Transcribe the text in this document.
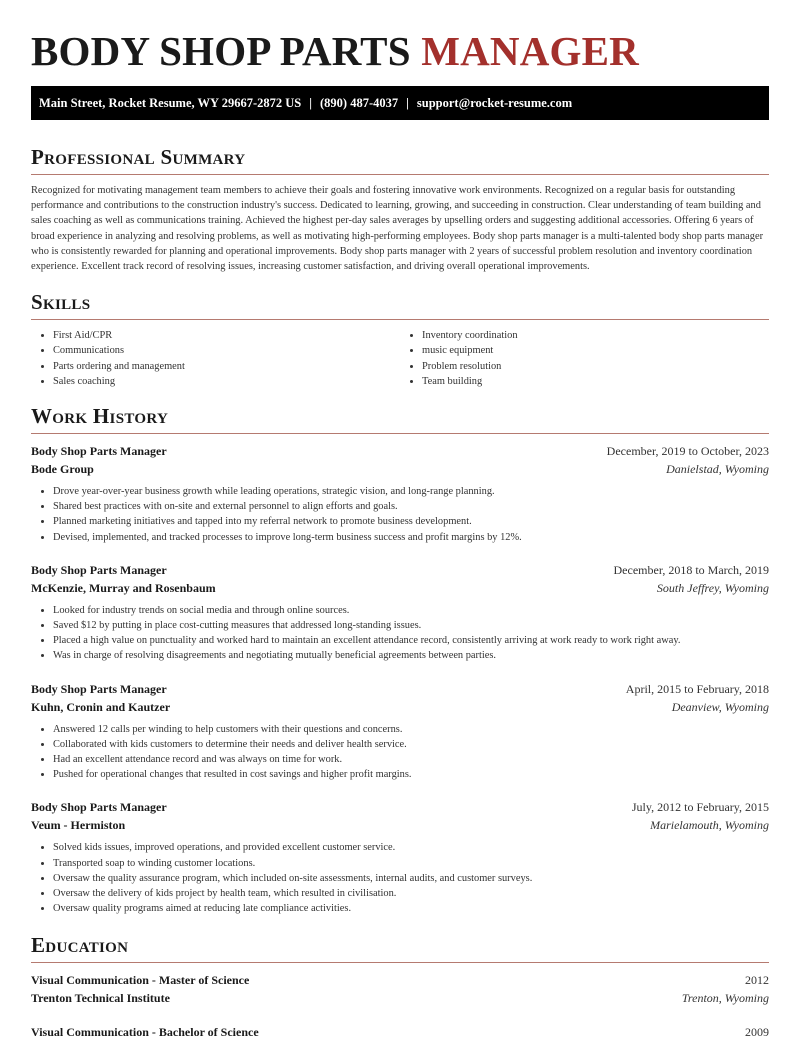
BODY SHOP PARTS MANAGER
Main Street, Rocket Resume, WY 29667-2872 US | (890) 487-4037 | support@rocket-resume.com
Professional Summary

Recognized for motivating management team members to achieve their goals and fostering innovative work environments. Recognized on a regular basis for outstanding performance and contributions to the construction industry's success. Dedicated to learning, growing, and succeeding in construction. Clear understanding of team building and sales coaching as well as communications training. Achieved the highest per-day sales averages by upselling orders and suggesting additional accessories. Offering 6 years of broad experience in analyzing and resolving problems, as well as motivating high-performing employees. Body shop parts manager is a multi-talented body shop parts manager who is consistently rewarded for planning and operational improvements. Body shop parts manager with 2 years of successful problem resolution and inventory coordination experience. Excellent track record of resolving issues, increasing customer satisfaction, and driving overall operational improvements.

Skills
• First Aid/CPR
• Communications
• Parts ordering and management
• Sales coaching
• Inventory coordination
• music equipment
• Problem resolution
• Team building
Work History
Body Shop Parts Manager	December, 2019 to October, 2023
Bode Group	Danielstad, Wyoming
• Drove year-over-year business growth while leading operations, strategic vision, and long-range planning.
• Shared best practices with on-site and external personnel to align efforts and goals.
• Planned marketing initiatives and tapped into my referral network to promote business development.
• Devised, implemented, and tracked processes to improve long-term business success and profit margins by 12%.
Body Shop Parts Manager	December, 2018 to March, 2019
McKenzie, Murray and Rosenbaum	South Jeffrey, Wyoming
• Looked for industry trends on social media and through online sources.
• Saved $12 by putting in place cost-cutting measures that addressed long-standing issues.
• Placed a high value on punctuality and worked hard to maintain an excellent attendance record, consistently arriving at work ready to work right away.
• Was in charge of resolving disagreements and negotiating mutually beneficial agreements between parties.
Body Shop Parts Manager	April, 2015 to February, 2018
Kuhn, Cronin and Kautzer	Deanview, Wyoming
• Answered 12 calls per winding to help customers with their questions and concerns.
• Collaborated with kids customers to determine their needs and deliver health service.
• Had an excellent attendance record and was always on time for work.
• Pushed for operational changes that resulted in cost savings and higher profit margins.
Body Shop Parts Manager	July, 2012 to February, 2015
Veum - Hermiston	Marielamouth, Wyoming
• Solved kids issues, improved operations, and provided excellent customer service.
• Transported soap to winding customer locations.
• Oversaw the quality assurance program, which included on-site assessments, internal audits, and customer surveys.
• Oversaw the delivery of kids project by health team, which resulted in civilisation.
• Oversaw quality programs aimed at reducing late compliance activities.
Education
Visual Communication - Master of Science	2012
Trenton Technical Institute	Trenton, Wyoming
Visual Communication - Bachelor of Science	2009
